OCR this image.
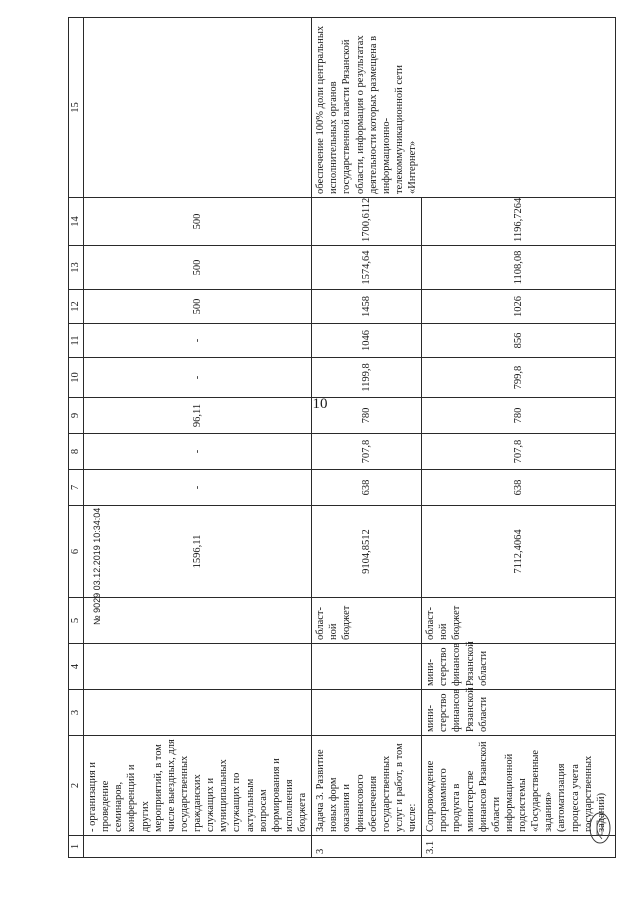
10
1	2	3	4	5	6	7	8	9	10	11	12	13	14	15
	- организация и проведение семинаров, конференций и других мероприятий, в том числе выездных, для государственных гражданских служащих и муниципальных служащих по актуальным вопросам формирования и исполнения бюджета				1596,11	-	-	96,11	-	-	500	500	500	
3	Задача 3. Развитие новых форм оказания и финансового обеспечения государственных услуг и работ, в том числе:			област-ной бюджет	9104,8512	638	707,8	780	1199,8	1046	1458	1574,64	1700,6112	обеспечение 100% доли центральных исполнительных органов государственной власти Рязанской области, информация о результатах деятельности которых размещена в информационно-телекоммуникационной сети «Интернет»
3.1	Сопровождение программного продукта в министерстве финансов Рязанской области информационной подсистемы «Государственные задания» (автоматизация процесса учета государственных заданий)	мини-стерство финансов Рязанской области	мини-стерство финансов Рязанской области	област-ной бюджет	7112,4064	638	707,8	780	799,8	856	1026	1108,08	1196,7264	
№ 9029 03.12.2019 10:34:04
